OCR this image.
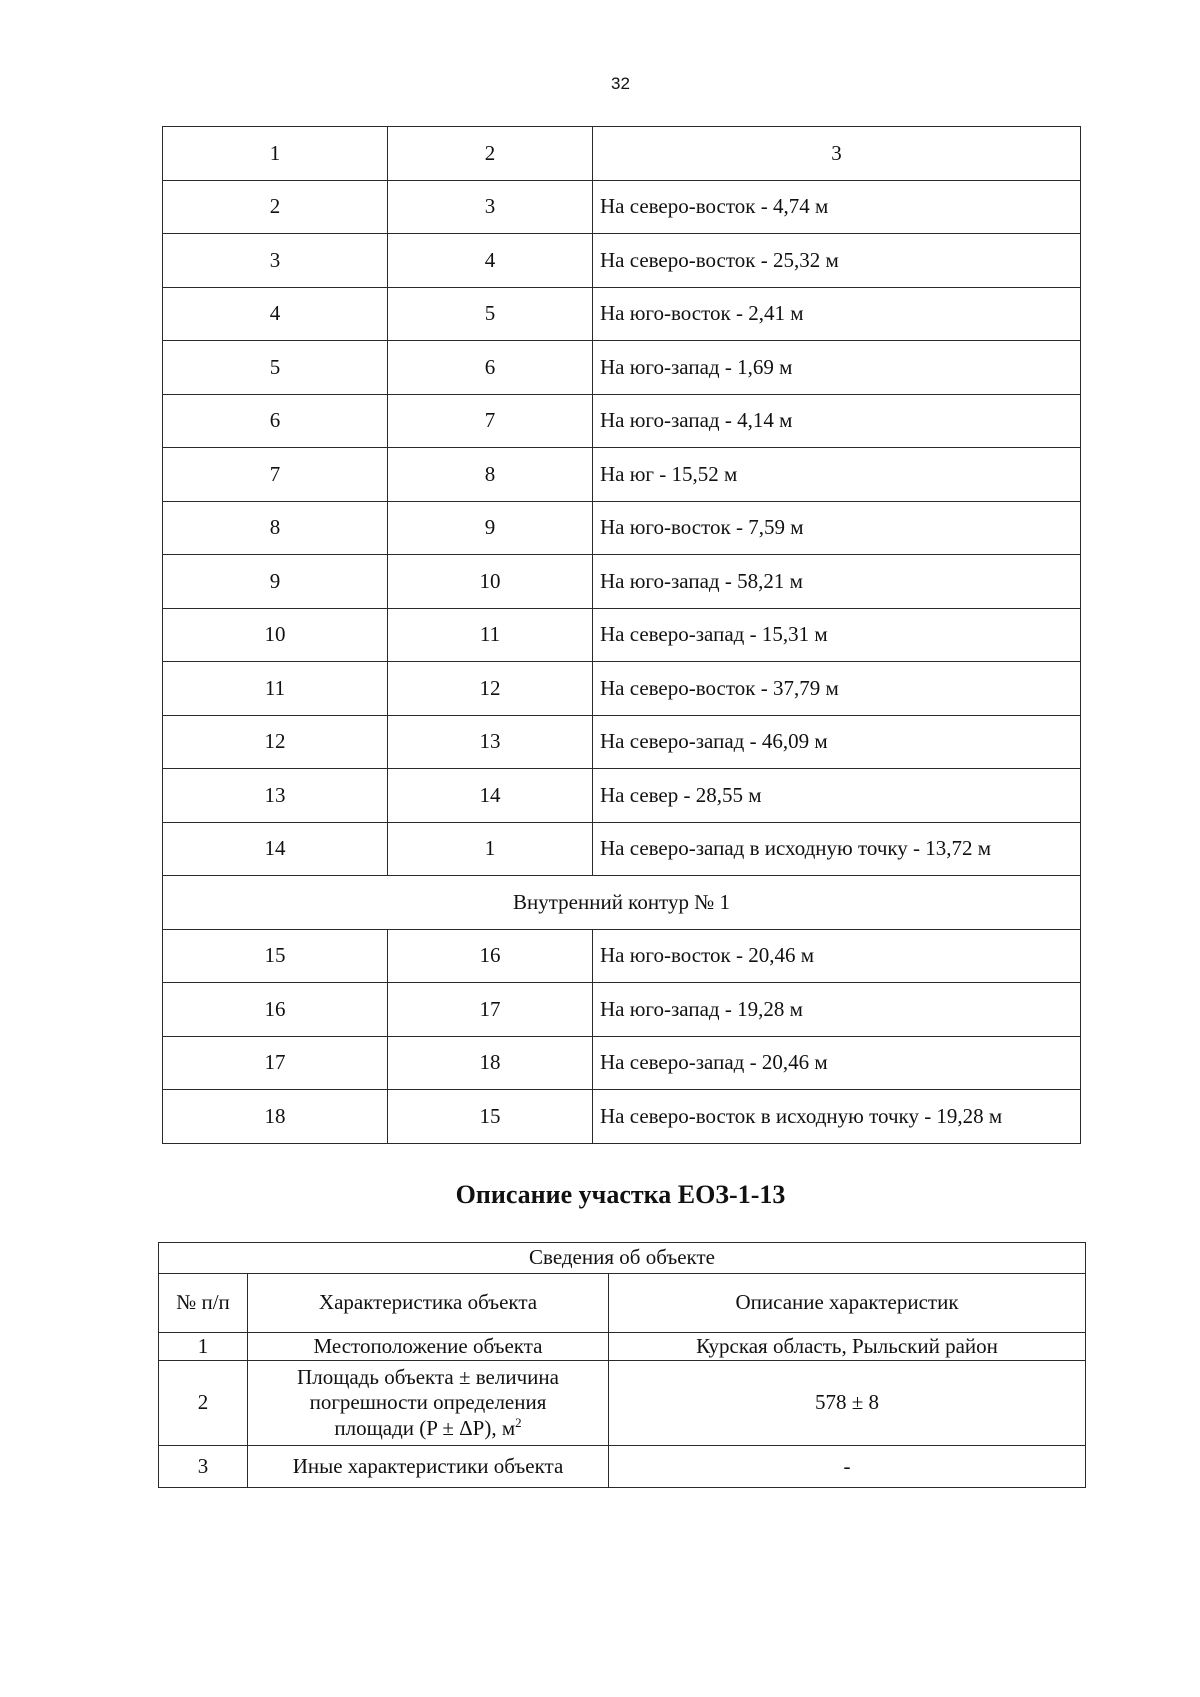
32
1	2	3
2	3	На северо-восток - 4,74 м
3	4	На северо-восток - 25,32 м
4	5	На юго-восток - 2,41 м
5	6	На юго-запад - 1,69 м
6	7	На юго-запад - 4,14 м
7	8	На юг - 15,52 м
8	9	На юго-восток - 7,59 м
9	10	На юго-запад - 58,21 м
10	11	На северо-запад - 15,31 м
11	12	На северо-восток - 37,79 м
12	13	На северо-запад - 46,09 м
13	14	На север - 28,55 м
14	1	На северо-запад в исходную точку - 13,72 м
Внутренний контур № 1		
15	16	На юго-восток - 20,46 м
16	17	На юго-запад - 19,28 м
17	18	На северо-запад - 20,46 м
18	15	На северо-восток в исходную точку - 19,28 м
Описание участка ЕОЗ-1-13
Сведения об объекте		
№ п/п	Характеристика объекта	Описание характеристик
1	Местоположение объекта	Курская область, Рыльский район
2	Площадь объекта ± величина
погрешности определения
площади (P ± ΔP), $м^2$	578 ± 8
3	Иные характеристики объекта	-
